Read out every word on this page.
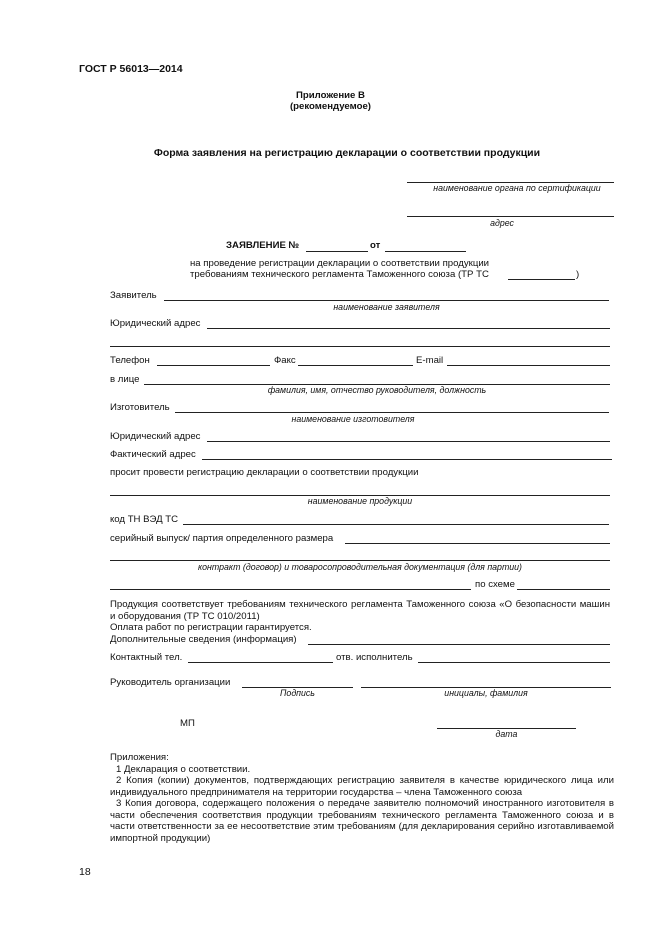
ГОСТ Р 56013—2014
Приложение В
(рекомендуемое)
Форма заявления на регистрацию декларации о соответствии продукции
наименование органа по сертификации
адрес
ЗАЯВЛЕНИЕ №	от
на проведение регистрации декларации о соответствии продукции
требованиям технического регламента Таможенного союза (ТР ТС	)
Заявитель
наименование заявителя
Юридический адрес
Телефон	Факс	E-mail
в лице
фамилия, имя, отчество руководителя, должность
Изготовитель
наименование изготовителя
Юридический адрес
Фактический адрес
просит провести регистрацию декларации о соответствии продукции
наименование продукции
код ТН ВЭД ТС
серийный выпуск/ партия определенного размера
контракт (договор) и товаросопроводительная документация (для партии)
по схеме
Продукция соответствует требованиям технического регламента Таможенного союза «О безопасности машин и оборудования (ТР ТС 010/2011)
Оплата работ по регистрации гарантируется.
Дополнительные сведения (информация)
Контактный тел.	отв. исполнитель
Руководитель организации
Подпись	инициалы, фамилия
МП
дата
Приложения:
1 Декларация о соответствии.
2 Копия (копии) документов, подтверждающих регистрацию заявителя в качестве юридического лица или индивидуального предпринимателя на территории государства – члена Таможенного союза
3 Копия договора, содержащего положения о передаче заявителю полномочий иностранного изготовителя в части обеспечения соответствия продукции требованиям технического регламента Таможенного союза и в части ответственности за ее несоответствие этим требованиям (для декларирования серийно изготавливаемой импортной продукции)
18
